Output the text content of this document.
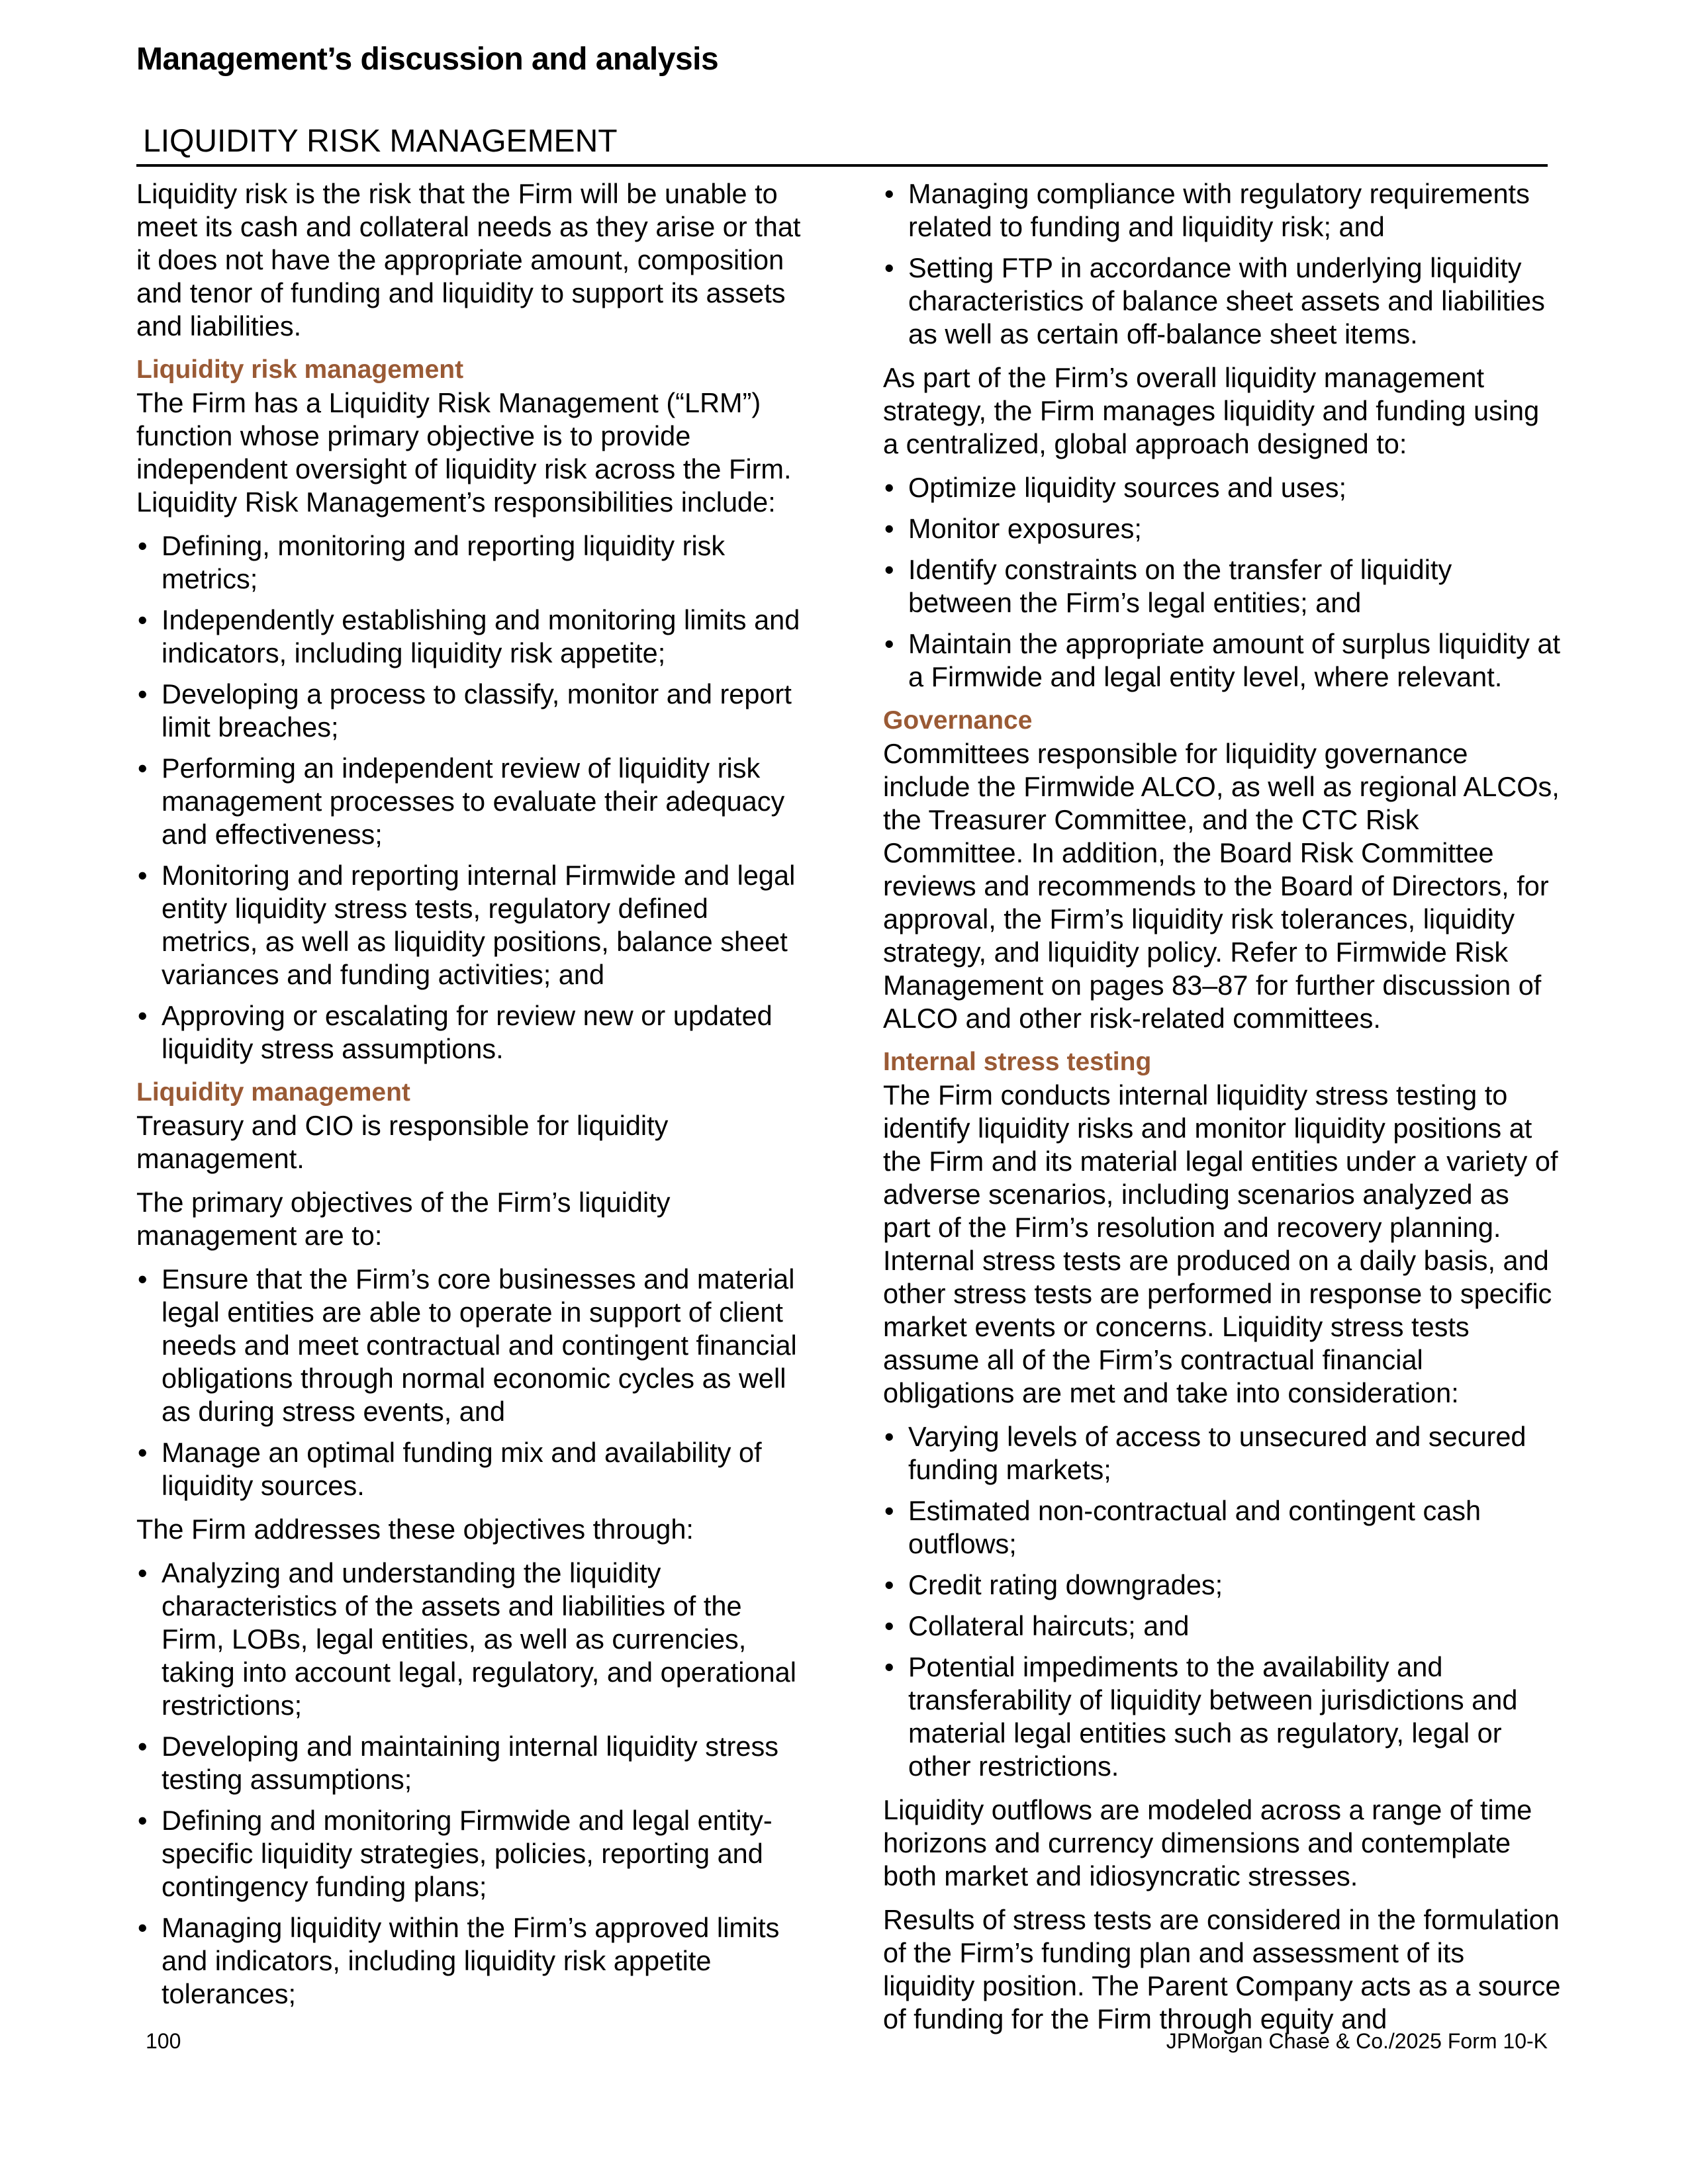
Management’s discussion and analysis
LIQUIDITY RISK MANAGEMENT

Liquidity risk is the risk that the Firm will be unable to meet its cash and collateral needs as they arise or that it does not have the appropriate amount, composition and tenor of funding and liquidity to support its assets and liabilities.

Liquidity risk management

The Firm has a Liquidity Risk Management (“LRM”) function whose primary objective is to provide independent oversight of liquidity risk across the Firm. Liquidity Risk Management’s responsibilities include:

• Defining, monitoring and reporting liquidity risk metrics;
• Independently establishing and monitoring limits and indicators, including liquidity risk appetite;
• Developing a process to classify, monitor and report limit breaches;
• Performing an independent review of liquidity risk management processes to evaluate their adequacy and effectiveness;
• Monitoring and reporting internal Firmwide and legal entity liquidity stress tests, regulatory defined metrics, as well as liquidity positions, balance sheet variances and funding activities; and
• Approving or escalating for review new or updated liquidity stress assumptions.
Liquidity management

Treasury and CIO is responsible for liquidity management.

The primary objectives of the Firm’s liquidity management are to:

• Ensure that the Firm’s core businesses and material legal entities are able to operate in support of client needs and meet contractual and contingent financial obligations through normal economic cycles as well as during stress events, and
• Manage an optimal funding mix and availability of liquidity sources.

The Firm addresses these objectives through:

• Analyzing and understanding the liquidity characteristics of the assets and liabilities of the Firm, LOBs, legal entities, as well as currencies, taking into account legal, regulatory, and operational restrictions;
• Developing and maintaining internal liquidity stress testing assumptions;
• Defining and monitoring Firmwide and legal entity-specific liquidity strategies, policies, reporting and contingency funding plans;
• Managing liquidity within the Firm’s approved limits and indicators, including liquidity risk appetite tolerances;
• Managing compliance with regulatory requirements related to funding and liquidity risk; and
• Setting FTP in accordance with underlying liquidity characteristics of balance sheet assets and liabilities as well as certain off-balance sheet items.

As part of the Firm’s overall liquidity management strategy, the Firm manages liquidity and funding using a centralized, global approach designed to:

• Optimize liquidity sources and uses;
• Monitor exposures;
• Identify constraints on the transfer of liquidity between the Firm’s legal entities; and
• Maintain the appropriate amount of surplus liquidity at a Firmwide and legal entity level, where relevant.
Governance

Committees responsible for liquidity governance include the Firmwide ALCO, as well as regional ALCOs, the Treasurer Committee, and the CTC Risk Committee. In addition, the Board Risk Committee reviews and recommends to the Board of Directors, for approval, the Firm’s liquidity risk tolerances, liquidity strategy, and liquidity policy. Refer to Firmwide Risk Management on pages 83–87 for further discussion of ALCO and other risk-related committees.

Internal stress testing

The Firm conducts internal liquidity stress testing to identify liquidity risks and monitor liquidity positions at the Firm and its material legal entities under a variety of adverse scenarios, including scenarios analyzed as part of the Firm’s resolution and recovery planning. Internal stress tests are produced on a daily basis, and other stress tests are performed in response to specific market events or concerns. Liquidity stress tests assume all of the Firm’s contractual financial obligations are met and take into consideration:

• Varying levels of access to unsecured and secured funding markets;
• Estimated non-contractual and contingent cash outflows;
• Credit rating downgrades;
• Collateral haircuts; and
• Potential impediments to the availability and transferability of liquidity between jurisdictions and material legal entities such as regulatory, legal or other restrictions.

Liquidity outflows are modeled across a range of time horizons and currency dimensions and contemplate both market and idiosyncratic stresses.

Results of stress tests are considered in the formulation of the Firm’s funding plan and assessment of its liquidity position. The Parent Company acts as a source of funding for the Firm through equity and

100	JPMorgan Chase & Co./2025 Form 10-K
